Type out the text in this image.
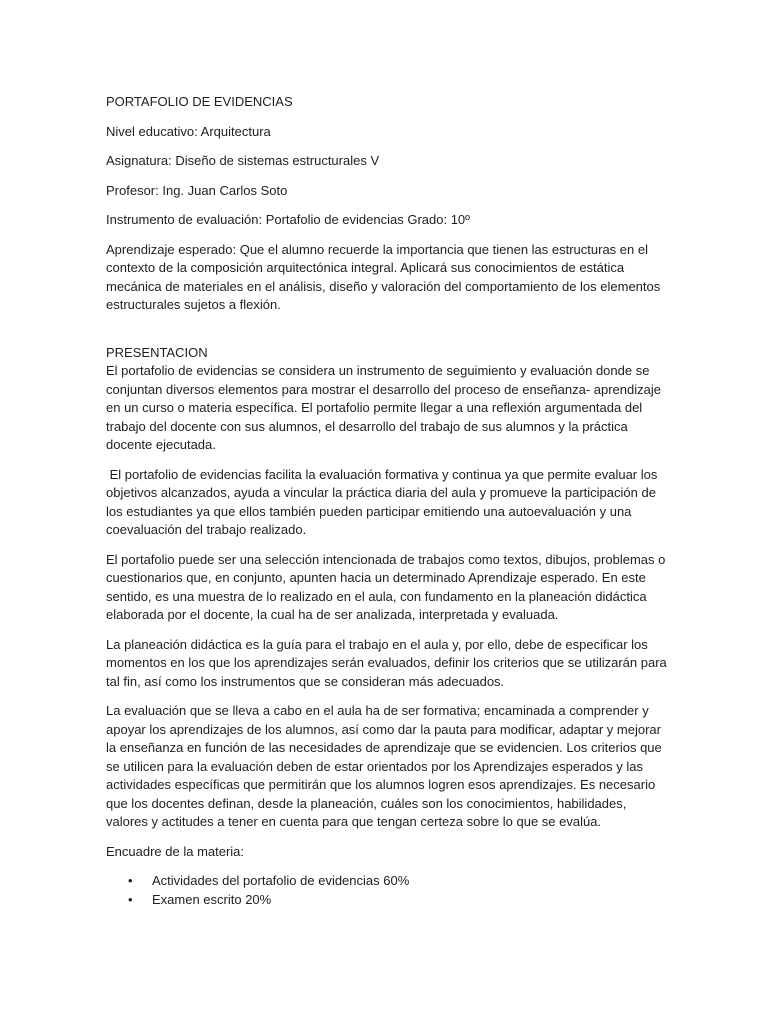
PORTAFOLIO DE EVIDENCIAS

Nivel educativo: Arquitectura

Asignatura: Diseño de sistemas estructurales V

Profesor: Ing. Juan Carlos Soto

Instrumento de evaluación: Portafolio de evidencias Grado: 10º

Aprendizaje esperado: Que el alumno recuerde la importancia que tienen las estructuras en el contexto de la composición arquitectónica integral. Aplicará sus conocimientos de estática mecánica de materiales en el análisis, diseño y valoración del comportamiento de los elementos estructurales sujetos a flexión.

PRESENTACION

El portafolio de evidencias se considera un instrumento de seguimiento y evaluación donde se conjuntan diversos elementos para mostrar el desarrollo del proceso de enseñanza- aprendizaje en un curso o materia específica. El portafolio permite llegar a una reflexión argumentada del trabajo del docente con sus alumnos, el desarrollo del trabajo de sus alumnos y la práctica docente ejecutada.

El portafolio de evidencias facilita la evaluación formativa y continua ya que permite evaluar los objetivos alcanzados, ayuda a vincular la práctica diaria del aula y promueve la participación de los estudiantes ya que ellos también pueden participar emitiendo una autoevaluación y una coevaluación del trabajo realizado.

El portafolio puede ser una selección intencionada de trabajos como textos, dibujos, problemas o cuestionarios que, en conjunto, apunten hacia un determinado Aprendizaje esperado. En este sentido, es una muestra de lo realizado en el aula, con fundamento en la planeación didáctica elaborada por el docente, la cual ha de ser analizada, interpretada y evaluada.

La planeación didáctica es la guía para el trabajo en el aula y, por ello, debe de especificar los momentos en los que los aprendizajes serán evaluados, definir los criterios que se utilizarán para tal fin, así como los instrumentos que se consideran más adecuados.

La evaluación que se lleva a cabo en el aula ha de ser formativa; encaminada a comprender y apoyar los aprendizajes de los alumnos, así como dar la pauta para modificar, adaptar y mejorar la enseñanza en función de las necesidades de aprendizaje que se evidencien. Los criterios que se utilicen para la evaluación deben de estar orientados por los Aprendizajes esperados y las actividades específicas que permitirán que los alumnos logren esos aprendizajes. Es necesario que los docentes definan, desde la planeación, cuáles son los conocimientos, habilidades, valores y actitudes a tener en cuenta para que tengan certeza sobre lo que se evalúa.

Encuadre de la materia:

• Actividades del portafolio de evidencias 60%
• Examen escrito 20%
